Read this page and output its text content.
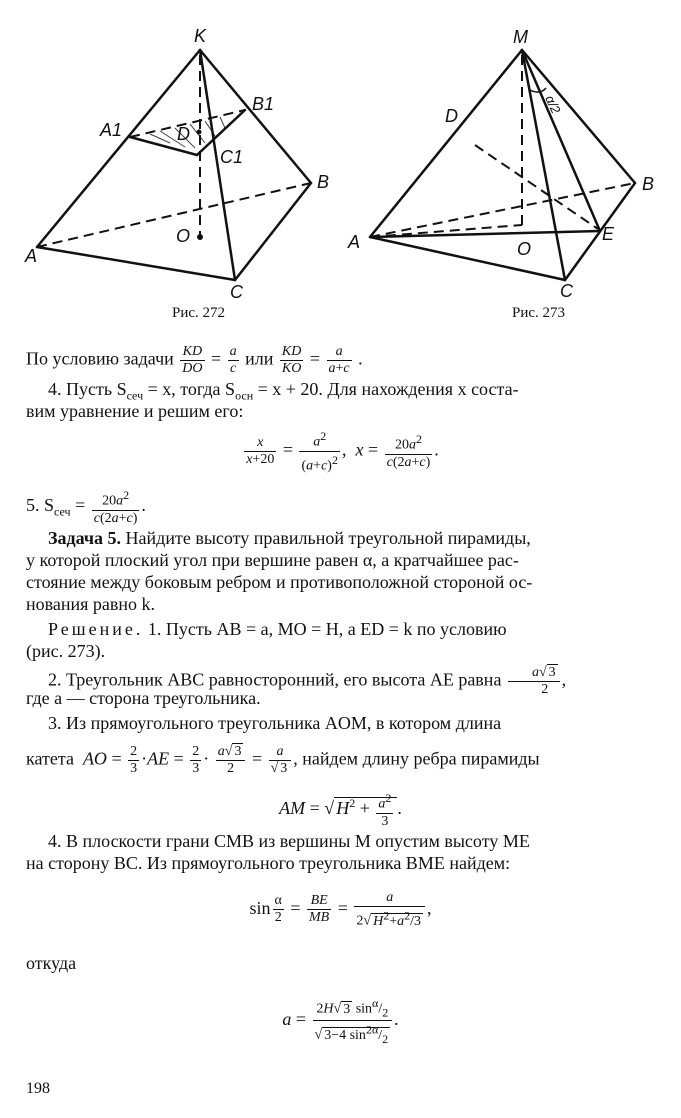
K
B1
A1	D
C1
B
O
A
C
Рис. 272
M
D
B
A	O
E
C
α/2
Рис. 273
По условию задачи $\frac{KD}{DO} = \frac{a}{c}$ или $\frac{KD}{KO} = \frac{a}{a+c}$ .
4. Пусть $S_{сеч} = x$, тогда $S_{осн} = x + 20$. Для нахождения x соста-
вим уравнение и решим его:
$\frac{x}{x+20} = \frac{a^2}{(a+c)^2}$ ,  $x = \frac{20a^2}{c(2a+c)}$ .
5. $S_{сеч} = \frac{20a^2}{c(2a+c)}$ .
Задача 5. Найдите высоту правильной треугольной пирамиды,
у которой плоский угол при вершине равен α, а кратчайшее рас-
стояние между боковым ребром и противоположной стороной ос-
нования равно k.
Решение. 1. Пусть AB = a, MO = H, а ED = k по условию
(рис. 273).
2. Треугольник ABC равносторонний, его высота AE равна $\frac{a√ 3}{2}$ ,
где a — сторона треугольника.
3. Из прямоугольного треугольника AOM, в котором длина
катета AO = $\frac{2}{3} \cdot AE = \frac{2}{3} \cdot \frac{a√ 3}{2} = \frac{a}{√ 3}$ , найдем длину ребра пирамиды
AM = √ $H^2 + \frac{a^2}{3}$ .
4. В плоскости грани CMB из вершины M опустим высоту ME
на сторону BC. Из прямоугольного треугольника BME найдем:
$\sin \frac{\alpha}{2} = \frac{BE}{MB} = \frac{a}{2√ H^2+a^2/3}$ ,
откуда
$a = \frac{2H√ 3 \sin^\alpha/_2}{√ 3-4 \sin^{2\alpha}/_2}$ .
198
